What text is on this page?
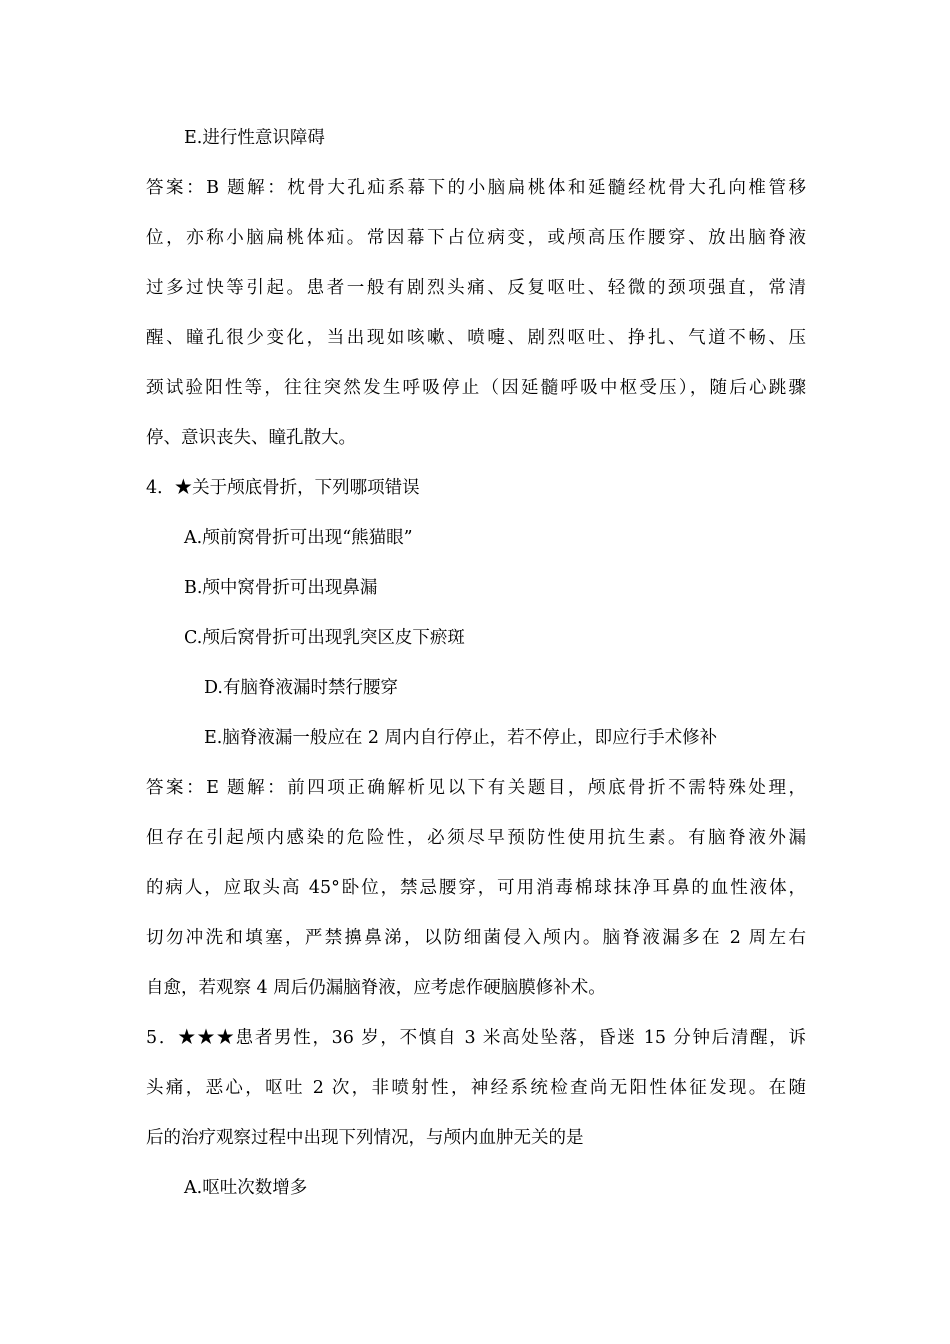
E.进行性意识障碍
答案：B 题解：枕骨大孔疝系幕下的小脑扁桃体和延髓经枕骨大孔向椎管移
位，亦称小脑扁桃体疝。常因幕下占位病变，或颅高压作腰穿、放出脑脊液
过多过快等引起。患者一般有剧烈头痛、反复呕吐、轻微的颈项强直，常清
醒、瞳孔很少变化，当出现如咳嗽、喷嚏、剧烈呕吐、挣扎、气道不畅、压
颈试验阳性等，往往突然发生呼吸停止（因延髓呼吸中枢受压），随后心跳骤
停、意识丧失、瞳孔散大。
4．★关于颅底骨折，下列哪项错误
A.颅前窝骨折可出现“熊猫眼”
B.颅中窝骨折可出现鼻漏
C.颅后窝骨折可出现乳突区皮下瘀斑
D.有脑脊液漏时禁行腰穿
E.脑脊液漏一般应在 2 周内自行停止，若不停止，即应行手术修补
答案：E 题解：前四项正确解析见以下有关题目，颅底骨折不需特殊处理，
但存在引起颅内感染的危险性，必须尽早预防性使用抗生素。有脑脊液外漏
的病人，应取头高 45°卧位，禁忌腰穿，可用消毒棉球抹净耳鼻的血性液体，
切勿冲洗和填塞，严禁擤鼻涕，以防细菌侵入颅内。脑脊液漏多在 2 周左右
自愈，若观察 4 周后仍漏脑脊液，应考虑作硬脑膜修补术。
5．★★★患者男性，36 岁，不慎自 3 米高处坠落，昏迷 15 分钟后清醒，诉
头痛，恶心，呕吐 2 次，非喷射性，神经系统检查尚无阳性体征发现。在随
后的治疗观察过程中出现下列情况，与颅内血肿无关的是
A.呕吐次数增多
